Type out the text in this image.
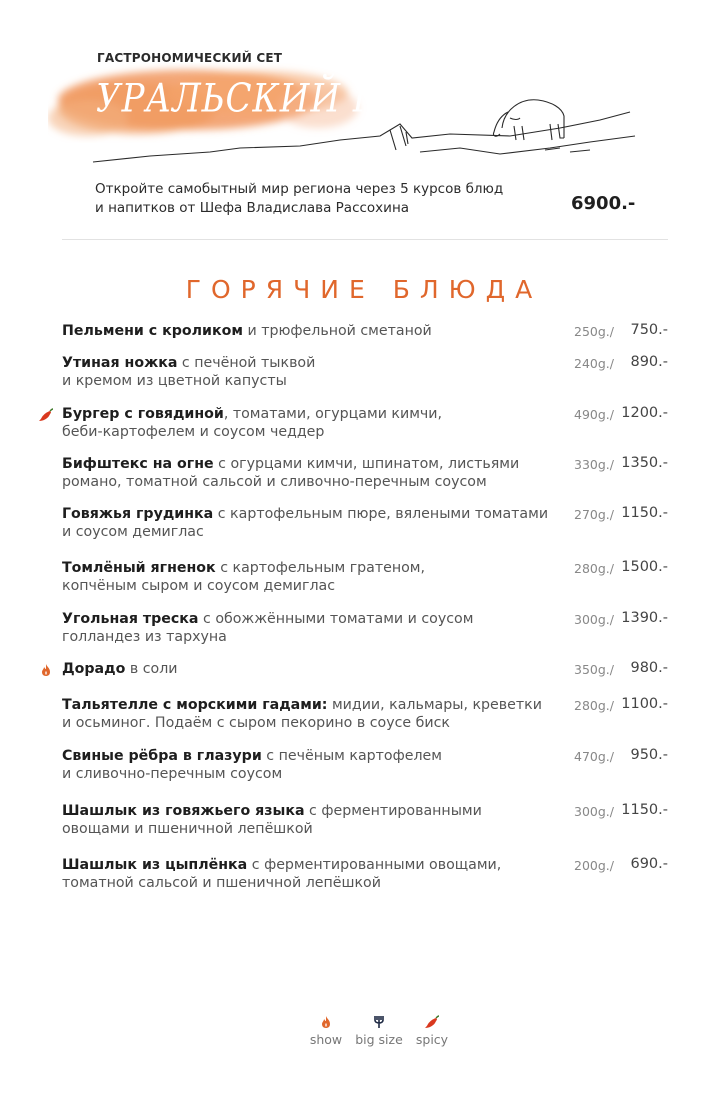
ГАСТРОНОМИЧЕСКИЙ СЕТ
УРАЛЬСКИЙ ПУТЬ
Откройте самобытный мир региона через 5 курсов блюд
и напитков от Шефа Владислава Рассохина	6900.-
ГОРЯЧИЕ БЛЮДА
Пельмени с кроликом и трюфельной сметаной	250g./ 750.-
Утиная ножка с печёной тыквой
и кремом из цветной капусты
240g./ 890.-
Бургер с говядиной, томатами, огурцами кимчи,
беби-картофелем и соусом чеддер
490g./ 1200.-
Бифштекс на огне с огурцами кимчи, шпинатом, листьями
романо, томатной сальсой и сливочно-перечным соусом
330g./ 1350.-
Говяжья грудинка с картофельным пюре, вялеными томатами
и соусом демиглас
270g./ 1150.-
Томлёный ягненок с картофельным гратеном,
копчёным сыром и соусом демиглас
280g./ 1500.-
Угольная треска с обожжёнными томатами и соусом
голландез из тархуна
300g./ 1390.-
Дорадо в соли	350g./ 980.-
Тальятелле с морскими гадами: мидии, кальмары, креветки
и осьминог. Подаём с сыром пекорино в соусе биск
280g./ 1100.-
Свиные рёбра в глазури с печёным картофелем
и сливочно-перечным соусом
470g./ 950.-
Шашлык из говяжьего языка с ферментированными
овощами и пшеничной лепёшкой
300g./ 1150.-
Шашлык из цыплёнка с ферментированными овощами,
томатной сальсой и пшеничной лепёшкой
200g./ 690.-
show	big size	spicy
